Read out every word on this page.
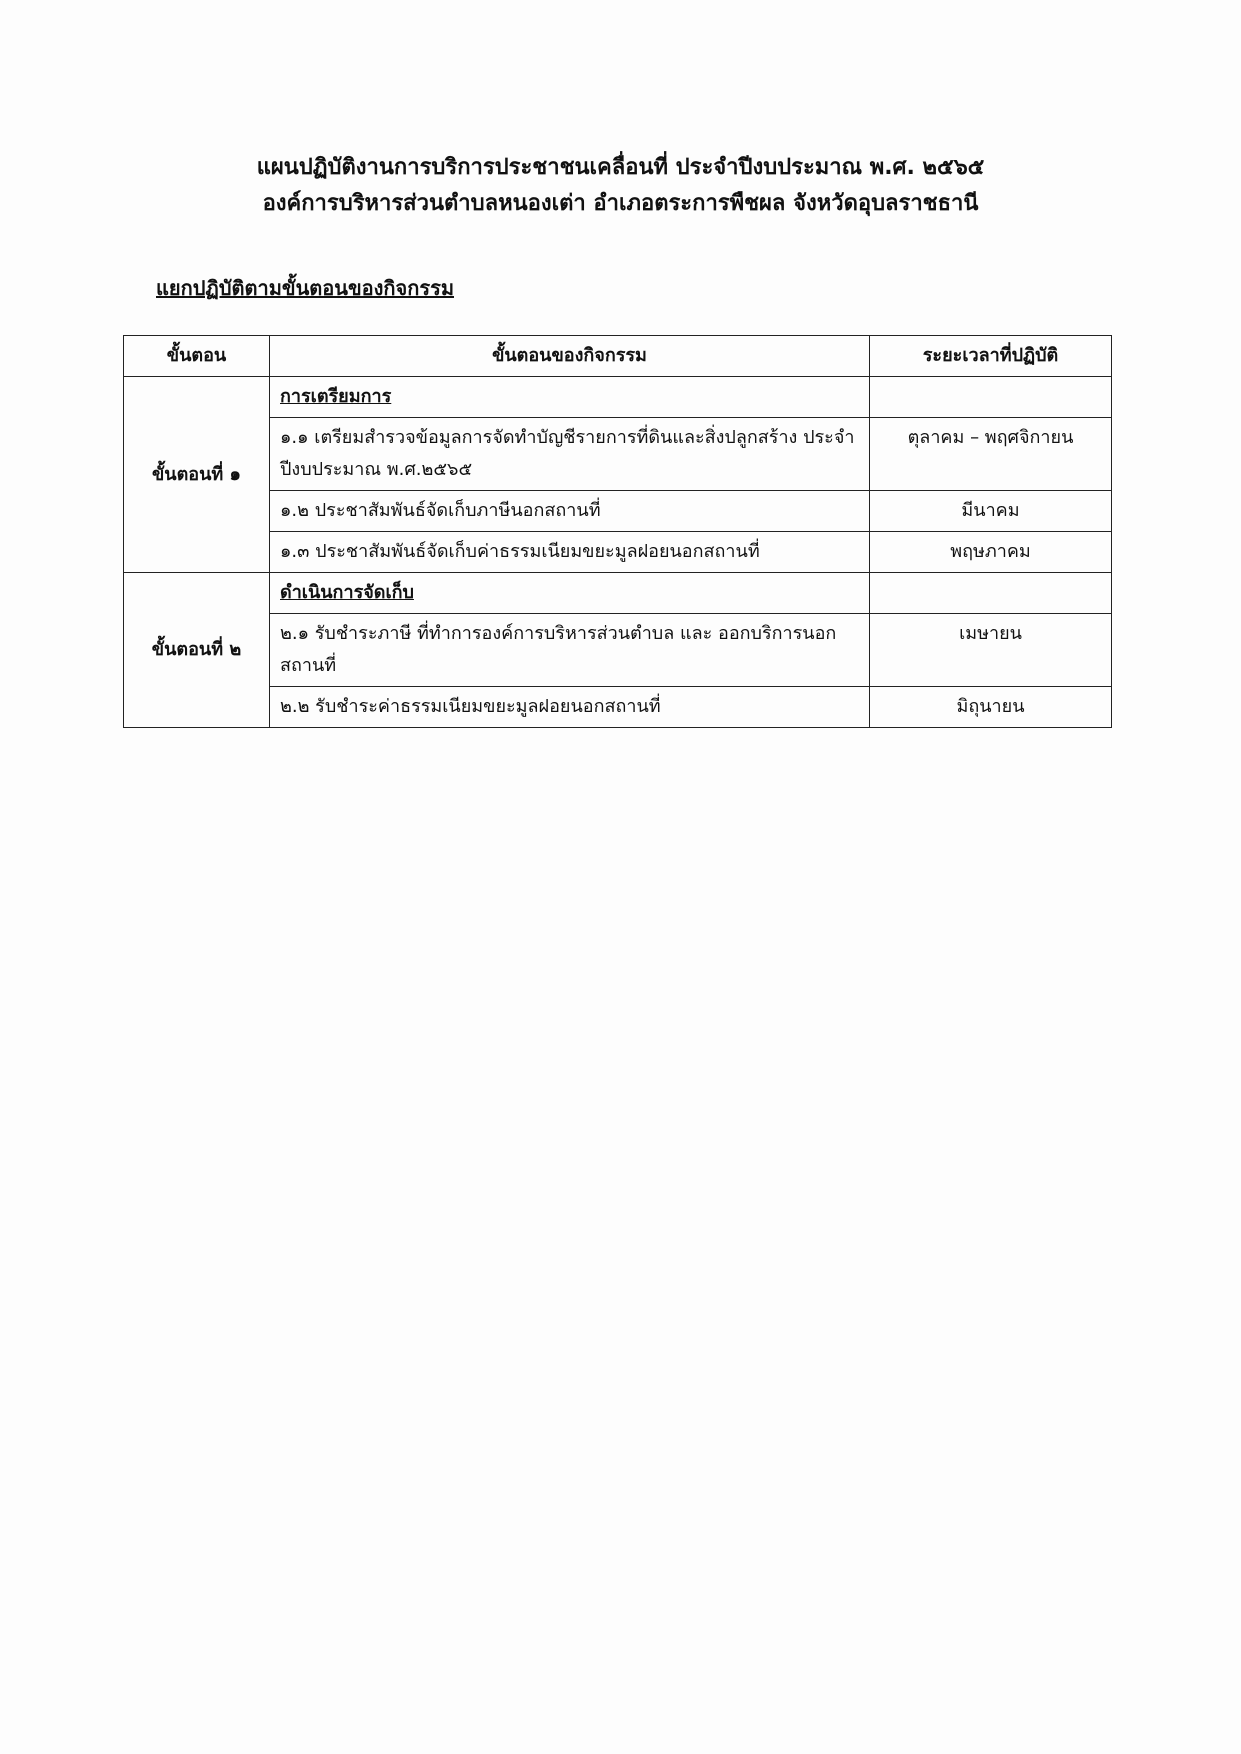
แผนปฏิบัติงานการบริการประชาชนเคลื่อนที่ ประจำปีงบประมาณ พ.ศ. ๒๕๖๕
องค์การบริหารส่วนตำบลหนองเต่า อำเภอตระการพืชผล จังหวัดอุบลราชธานี
แยกปฏิบัติตามขั้นตอนของกิจกรรม
ขั้นตอน	ขั้นตอนของกิจกรรม	ระยะเวลาที่ปฏิบัติ
ขั้นตอนที่ ๑	การเตรียมการ	
	๑.๑ เตรียมสำรวจข้อมูลการจัดทำบัญชีรายการที่ดินและสิ่งปลูกสร้าง ประจำปีงบประมาณ พ.ศ.๒๕๖๕	ตุลาคม – พฤศจิกายน
	๑.๒ ประชาสัมพันธ์จัดเก็บภาษีนอกสถานที่	มีนาคม
	๑.๓ ประชาสัมพันธ์จัดเก็บค่าธรรมเนียมขยะมูลฝอยนอกสถานที่	พฤษภาคม
ขั้นตอนที่ ๒	ดำเนินการจัดเก็บ	
	๒.๑ รับชำระภาษี ที่ทำการองค์การบริหารส่วนตำบล และ ออกบริการนอกสถานที่	เมษายน
	๒.๒ รับชำระค่าธรรมเนียมขยะมูลฝอยนอกสถานที่	มิถุนายน
